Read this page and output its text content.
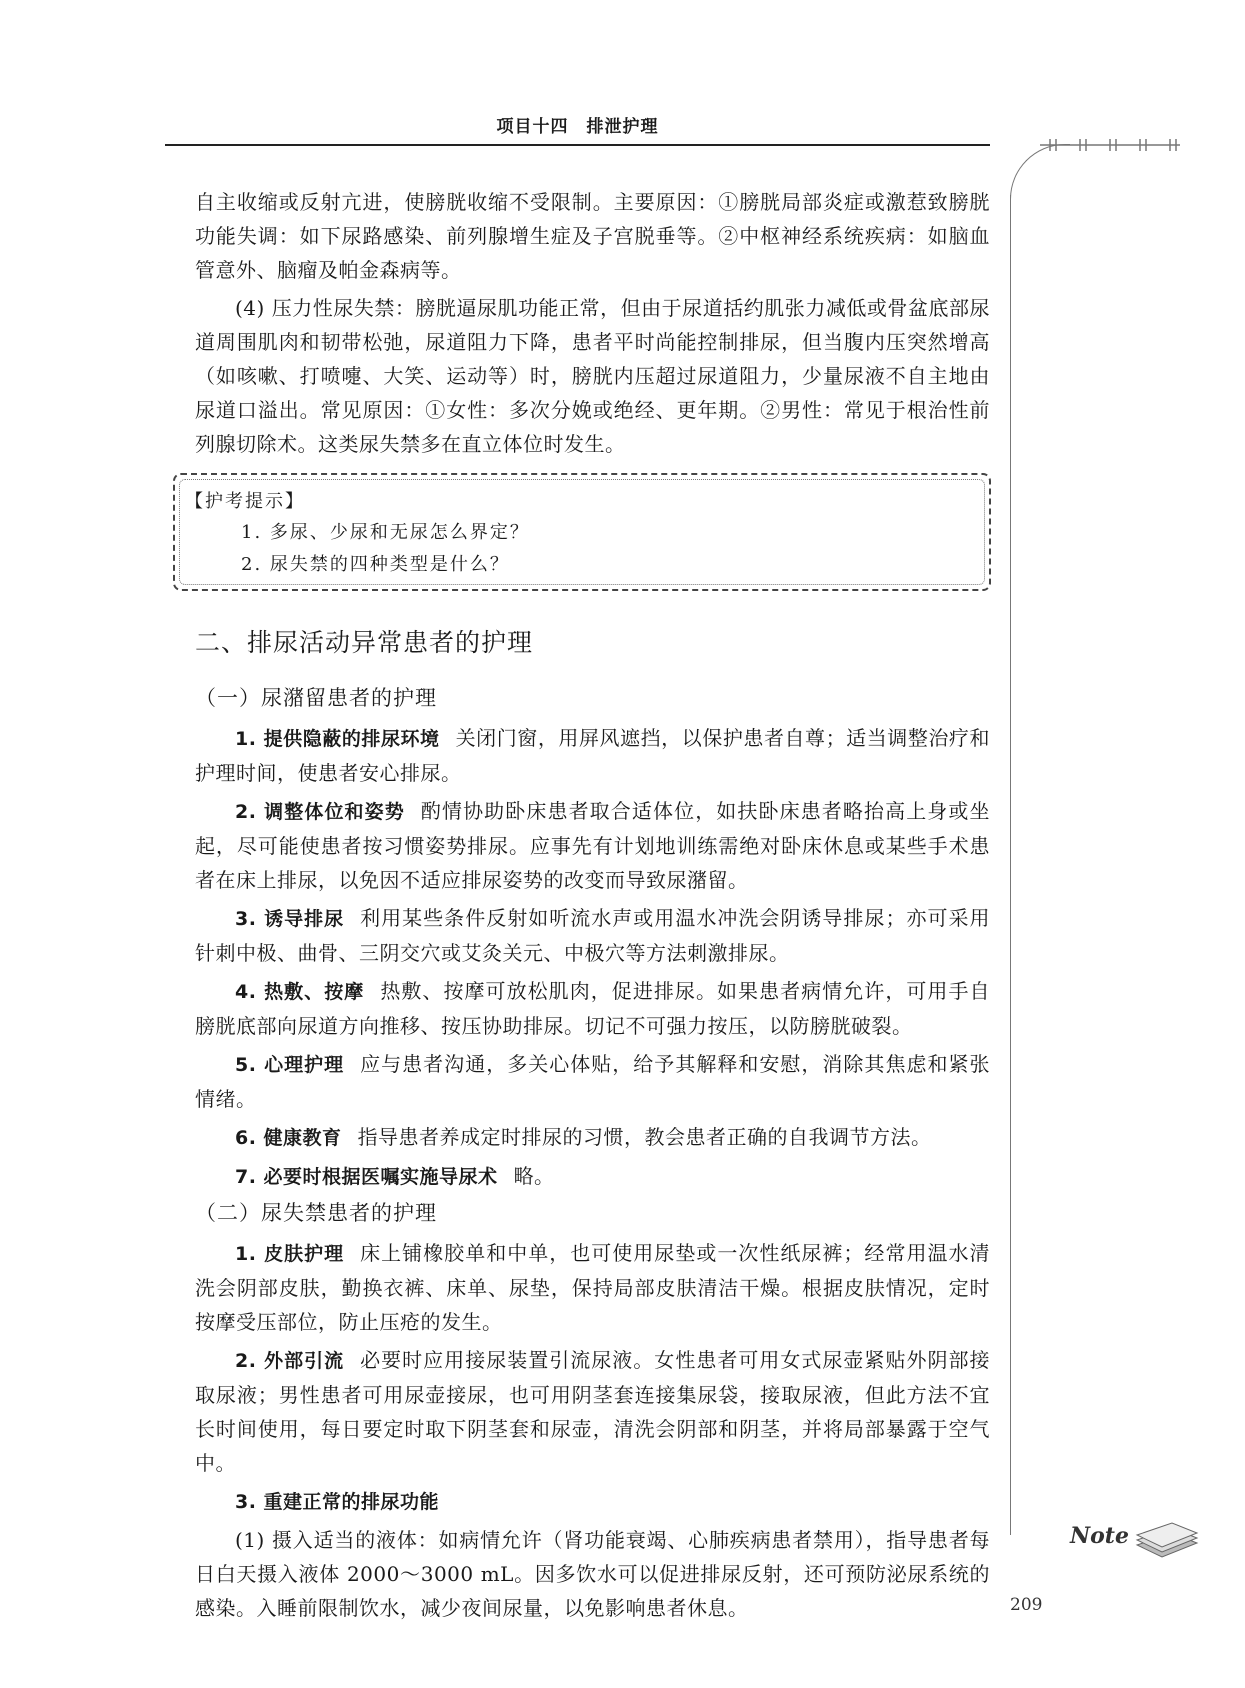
项目十四　排泄护理

自主收缩或反射亢进，使膀胱收缩不受限制。主要原因：①膀胱局部炎症或激惹致膀胱功能失调：如下尿路感染、前列腺增生症及子宫脱垂等。②中枢神经系统疾病：如脑血管意外、脑瘤及帕金森病等。

(4) 压力性尿失禁：膀胱逼尿肌功能正常，但由于尿道括约肌张力减低或骨盆底部尿道周围肌肉和韧带松弛，尿道阻力下降，患者平时尚能控制排尿，但当腹内压突然增高（如咳嗽、打喷嚏、大笑、运动等）时，膀胱内压超过尿道阻力，少量尿液不自主地由尿道口溢出。常见原因：①女性：多次分娩或绝经、更年期。②男性：常见于根治性前列腺切除术。这类尿失禁多在直立体位时发生。

【护考提示】
1. 多尿、少尿和无尿怎么界定？
2. 尿失禁的四种类型是什么？
二、排尿活动异常患者的护理
（一）尿潴留患者的护理

1. 提供隐蔽的排尿环境 关闭门窗，用屏风遮挡，以保护患者自尊；适当调整治疗和护理时间，使患者安心排尿。

2. 调整体位和姿势 酌情协助卧床患者取合适体位，如扶卧床患者略抬高上身或坐起，尽可能使患者按习惯姿势排尿。应事先有计划地训练需绝对卧床休息或某些手术患者在床上排尿，以免因不适应排尿姿势的改变而导致尿潴留。

3. 诱导排尿 利用某些条件反射如听流水声或用温水冲洗会阴诱导排尿；亦可采用针刺中极、曲骨、三阴交穴或艾灸关元、中极穴等方法刺激排尿。

4. 热敷、按摩 热敷、按摩可放松肌肉，促进排尿。如果患者病情允许，可用手自膀胱底部向尿道方向推移、按压协助排尿。切记不可强力按压，以防膀胱破裂。

5. 心理护理 应与患者沟通，多关心体贴，给予其解释和安慰，消除其焦虑和紧张情绪。

6. 健康教育 指导患者养成定时排尿的习惯，教会患者正确的自我调节方法。

7. 必要时根据医嘱实施导尿术 略。

（二）尿失禁患者的护理

1. 皮肤护理 床上铺橡胶单和中单，也可使用尿垫或一次性纸尿裤；经常用温水清洗会阴部皮肤，勤换衣裤、床单、尿垫，保持局部皮肤清洁干燥。根据皮肤情况，定时按摩受压部位，防止压疮的发生。

2. 外部引流 必要时应用接尿装置引流尿液。女性患者可用女式尿壶紧贴外阴部接取尿液；男性患者可用尿壶接尿，也可用阴茎套连接集尿袋，接取尿液，但此方法不宜长时间使用，每日要定时取下阴茎套和尿壶，清洗会阴部和阴茎，并将局部暴露于空气中。

3. 重建正常的排尿功能

(1) 摄入适当的液体：如病情允许（肾功能衰竭、心肺疾病患者禁用），指导患者每日白天摄入液体 2000～3000 mL。因多饮水可以促进排尿反射，还可预防泌尿系统的感染。入睡前限制饮水，减少夜间尿量，以免影响患者休息。

Note
209
